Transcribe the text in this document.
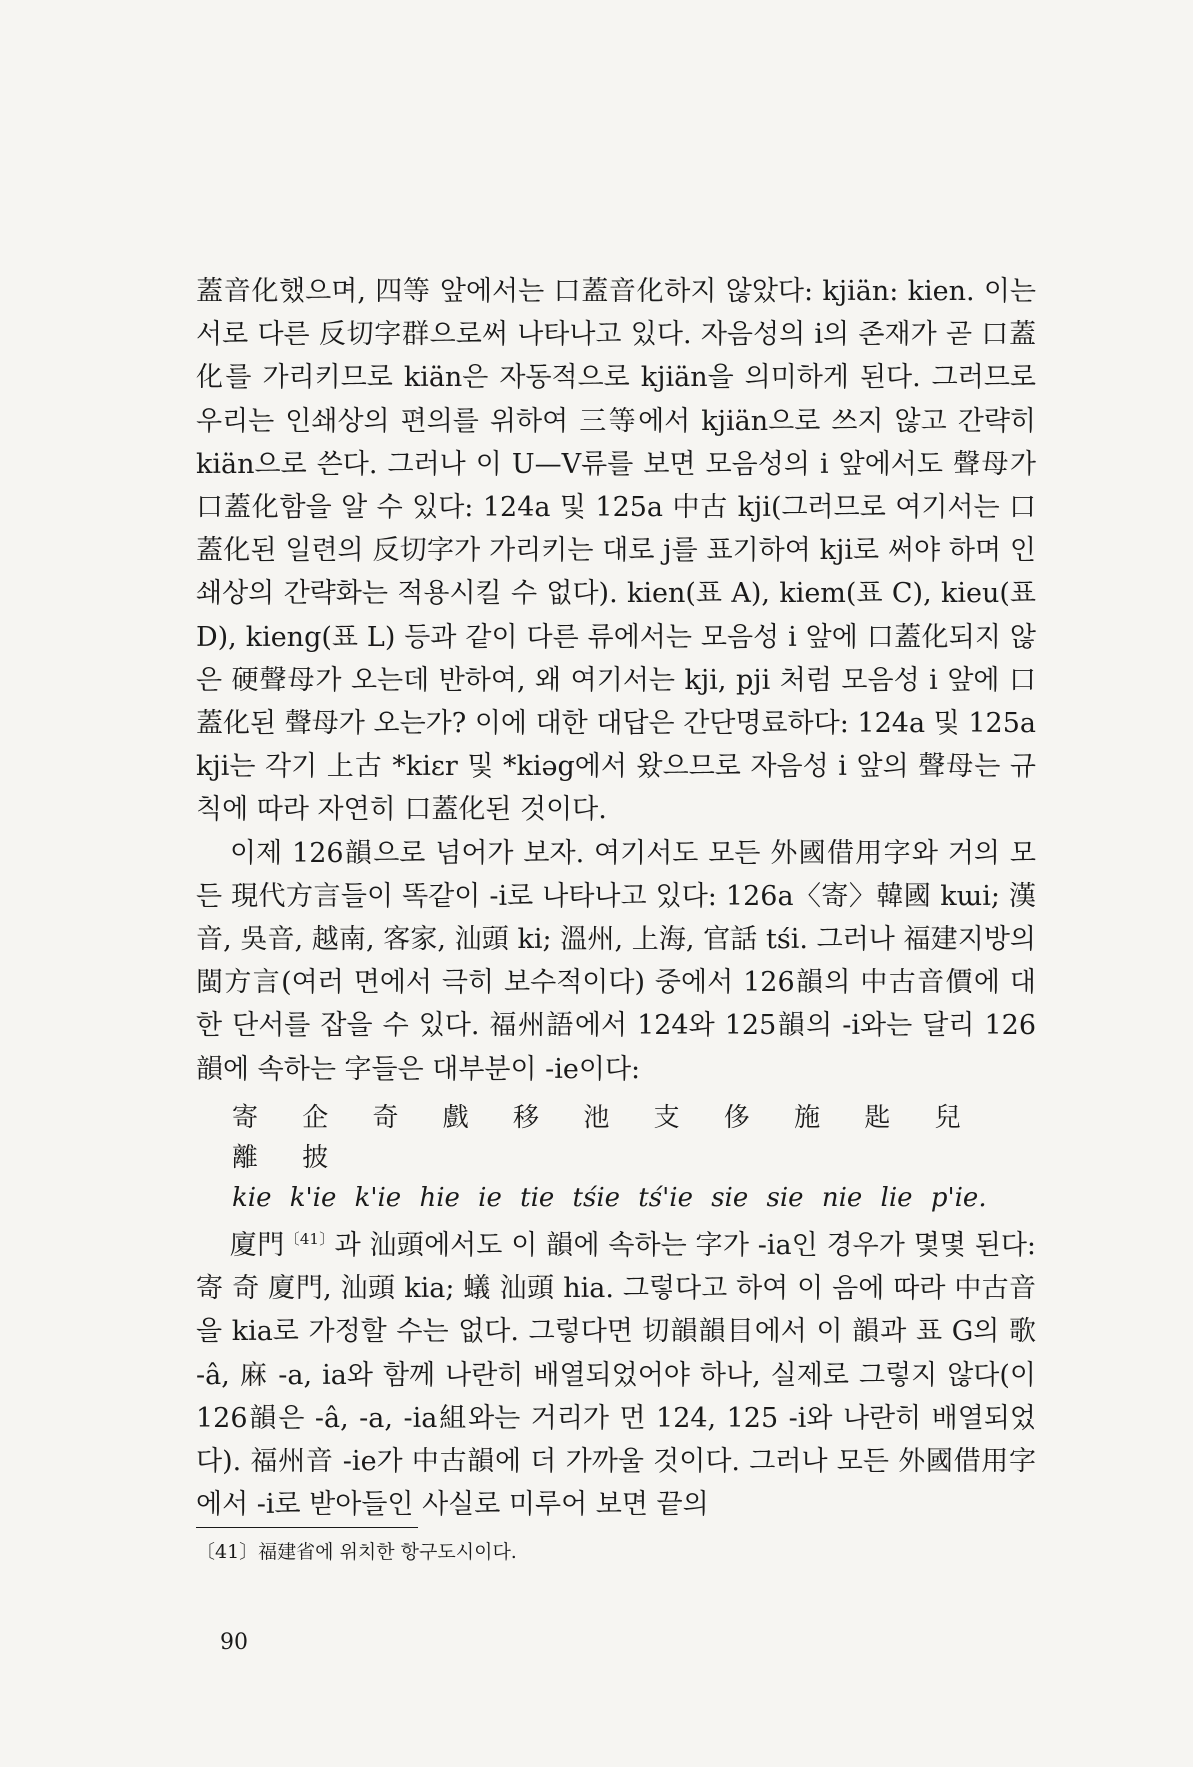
蓋音化했으며, 四等 앞에서는 口蓋音化하지 않았다: kjiän: kien. 이는 서로 다른 反切字群으로써 나타나고 있다. 자음성의 i의 존재가 곧 口蓋化를 가리키므로 kiän은 자동적으로 kjiän을 의미하게 된다. 그러므로 우리는 인쇄상의 편의를 위하여 三等에서 kjiän으로 쓰지 않고 간략히 kiän으로 쓴다. 그러나 이 U—V류를 보면 모음성의 i 앞에서도 聲母가 口蓋化함을 알 수 있다: 124a 및 125a 中古 kji(그러므로 여기서는 口蓋化된 일련의 反切字가 가리키는 대로 j를 표기하여 kji로 써야 하며 인쇄상의 간략화는 적용시킬 수 없다). kien(표 A), kiem(표 C), kieu(표 D), kieng(표 L) 등과 같이 다른 류에서는 모음성 i 앞에 口蓋化되지 않은 硬聲母가 오는데 반하여, 왜 여기서는 kji, pji 처럼 모음성 i 앞에 口蓋化된 聲母가 오는가? 이에 대한 대답은 간단명료하다: 124a 및 125a kji는 각기 上古 *kiɛr 및 *kiəg에서 왔으므로 자음성 i 앞의 聲母는 규칙에 따라 자연히 口蓋化된 것이다.

이제 126韻으로 넘어가 보자. 여기서도 모든 外國借用字와 거의 모든 現代方言들이 똑같이 -i로 나타나고 있다: 126a〈寄〉韓國 kɯi; 漢音, 吳音, 越南, 客家, 汕頭 ki; 溫州, 上海, 官話 tśi. 그러나 福建지방의 閩方言(여러 면에서 극히 보수적이다) 중에서 126韻의 中古音價에 대한 단서를 잡을 수 있다. 福州語에서 124와 125韻의 -i와는 달리 126韻에 속하는 字들은 대부분이 -ie이다:

寄 企 奇 戲 移 池 支 侈 施 匙 兒 離 披
kie k'ie k'ie hie ie tie tśie tś'ie sie sie nie lie p'ie.

廈門$^{〔41〕}$과 汕頭에서도 이 韻에 속하는 字가 -ia인 경우가 몇몇 된다: 寄 奇 廈門, 汕頭 kia; 蟻 汕頭 hia. 그렇다고 하여 이 음에 따라 中古音을 kia로 가정할 수는 없다. 그렇다면 切韻韻目에서 이 韻과 표 G의 歌 -â, 麻 -a, ia와 함께 나란히 배열되었어야 하나, 실제로 그렇지 않다(이 126韻은 -â, -a, -ia組와는 거리가 먼 124, 125 -i와 나란히 배열되었다). 福州音 -ie가 中古韻에 더 가까울 것이다. 그러나 모든 外國借用字에서 -i로 받아들인 사실로 미루어 보면 끝의

〔41〕福建省에 위치한 항구도시이다.
90
